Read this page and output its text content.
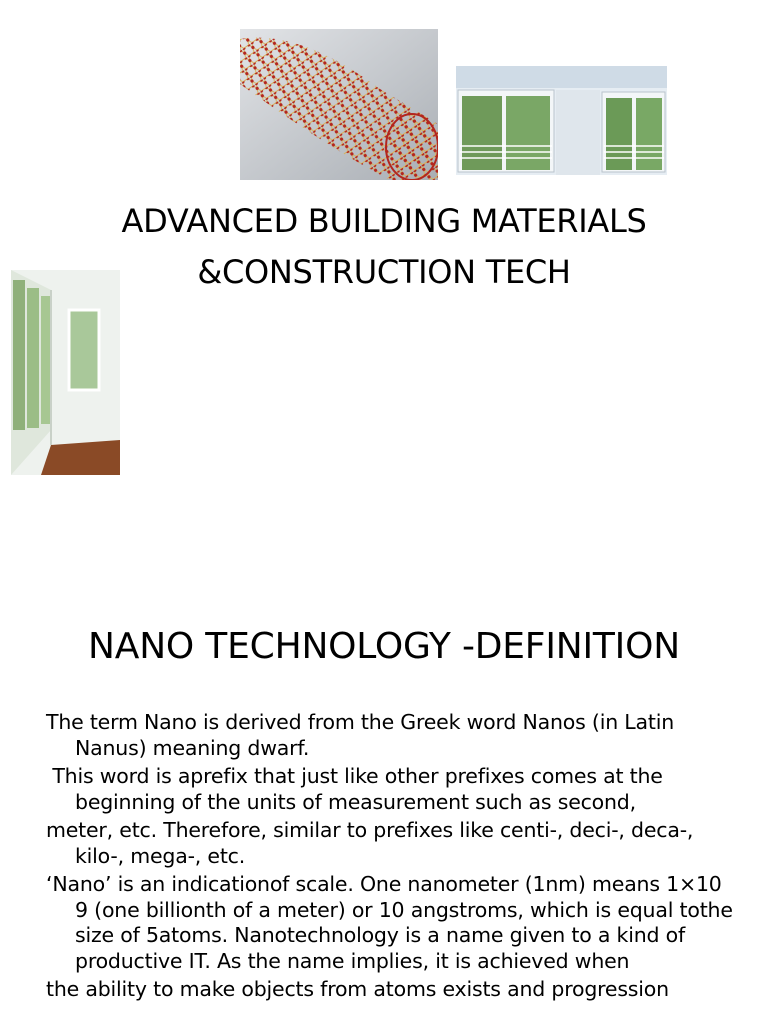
ADVANCED BUILDING MATERIALS
&CONSTRUCTION TECH
NANO TECHNOLOGY -DEFINITION

The term Nano is derived from the Greek word Nanos (in Latin Nanus) meaning dwarf.

This word is aprefix that just like other prefixes comes at the beginning of the units of measurement such as second,

meter, etc. Therefore, similar to prefixes like centi-, deci-, deca-, kilo-, mega-, etc.

‘Nano’ is an indicationof scale. One nanometer (1nm) means 1×10 9 (one billionth of a meter) or 10 angstroms, which is equal tothe size of 5atoms. Nanotechnology is a name given to a kind of productive IT. As the name implies, it is achieved when

the ability to make objects from atoms exists and progression
